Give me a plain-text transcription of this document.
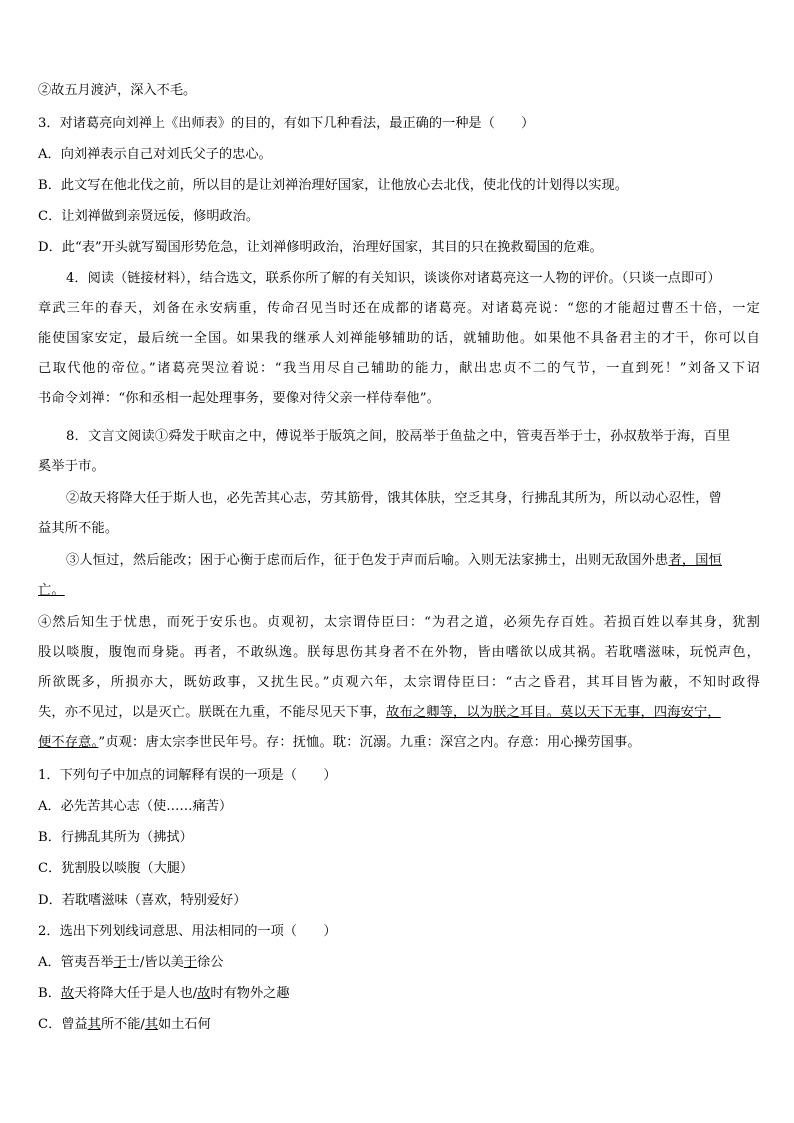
②故五月渡泸，深入不毛。
3．对诸葛亮向刘禅上《出师表》的目的，有如下几种看法，最正确的一种是（　　）
A．向刘禅表示自己对刘氏父子的忠心。
B．此文写在他北伐之前，所以目的是让刘禅治理好国家，让他放心去北伐，使北伐的计划得以实现。
C．让刘禅做到亲贤远佞，修明政治。
D．此“表”开头就写蜀国形势危急，让刘禅修明政治，治理好国家，其目的只在挽救蜀国的危难。
4．阅读（链接材料），结合选文，联系你所了解的有关知识，谈谈你对诸葛亮这一人物的评价。（只谈一点即可）
章武三年的春天，刘备在永安病重，传命召见当时还在成都的诸葛亮。对诸葛亮说：“您的才能超过曹丕十倍，一定
能使国家安定，最后统一全国。如果我的继承人刘禅能够辅助的话，就辅助他。如果他不具备君主的才干，你可以自
己取代他的帝位。”诸葛亮哭泣着说：“我当用尽自己辅助的能力，献出忠贞不二的气节，一直到死！”刘备又下诏
书命令刘禅：“你和丞相一起处理事务，要像对待父亲一样侍奉他”。
8．文言文阅读①舜发于畎亩之中，傅说举于版筑之间，胶鬲举于鱼盐之中，管夷吾举于士，孙叔敖举于海，百里
奚举于市。
②故天将降大任于斯人也，必先苦其心志，劳其筋骨，饿其体肤，空乏其身，行拂乱其所为，所以动心忍性，曾
益其所不能。
③人恒过，然后能改；困于心衡于虑而后作，征于色发于声而后喻。入则无法家拂士，出则无敌国外患者，国恒
亡。
④然后知生于忧患，而死于安乐也。贞观初，太宗谓侍臣曰：“为君之道，必须先存百姓。若损百姓以奉其身，犹割
股以啖腹，腹饱而身毙。再者，不敢纵逸。朕每思伤其身者不在外物，皆由嗜欲以成其祸。若耽嗜滋味，玩悦声色，
所欲既多，所损亦大，既妨政事，又扰生民。”贞观六年，太宗谓侍臣曰：“古之昏君，其耳目皆为蔽，不知时政得
失，亦不见过，以是灭亡。朕既在九重，不能尽见天下事，故布之卿等，以为朕之耳目。莫以天下无事，四海安宁，
便不存意。”贞观：唐太宗李世民年号。存：抚恤。耽：沉溺。九重：深宫之内。存意：用心操劳国事。
1．下列句子中加点的词解释有误的一项是（　　）
A．必先苦其心志（使……痛苦）
B．行拂乱其所为（拂拭）
C．犹割股以啖腹（大腿）
D．若耽嗜滋味（喜欢，特别爱好）
2．选出下列划线词意思、用法相同的一项（　　）
A．管夷吾举于士/皆以美于徐公
B．故天将降大任于是人也/故时有物外之趣
C．曾益其所不能/其如土石何
